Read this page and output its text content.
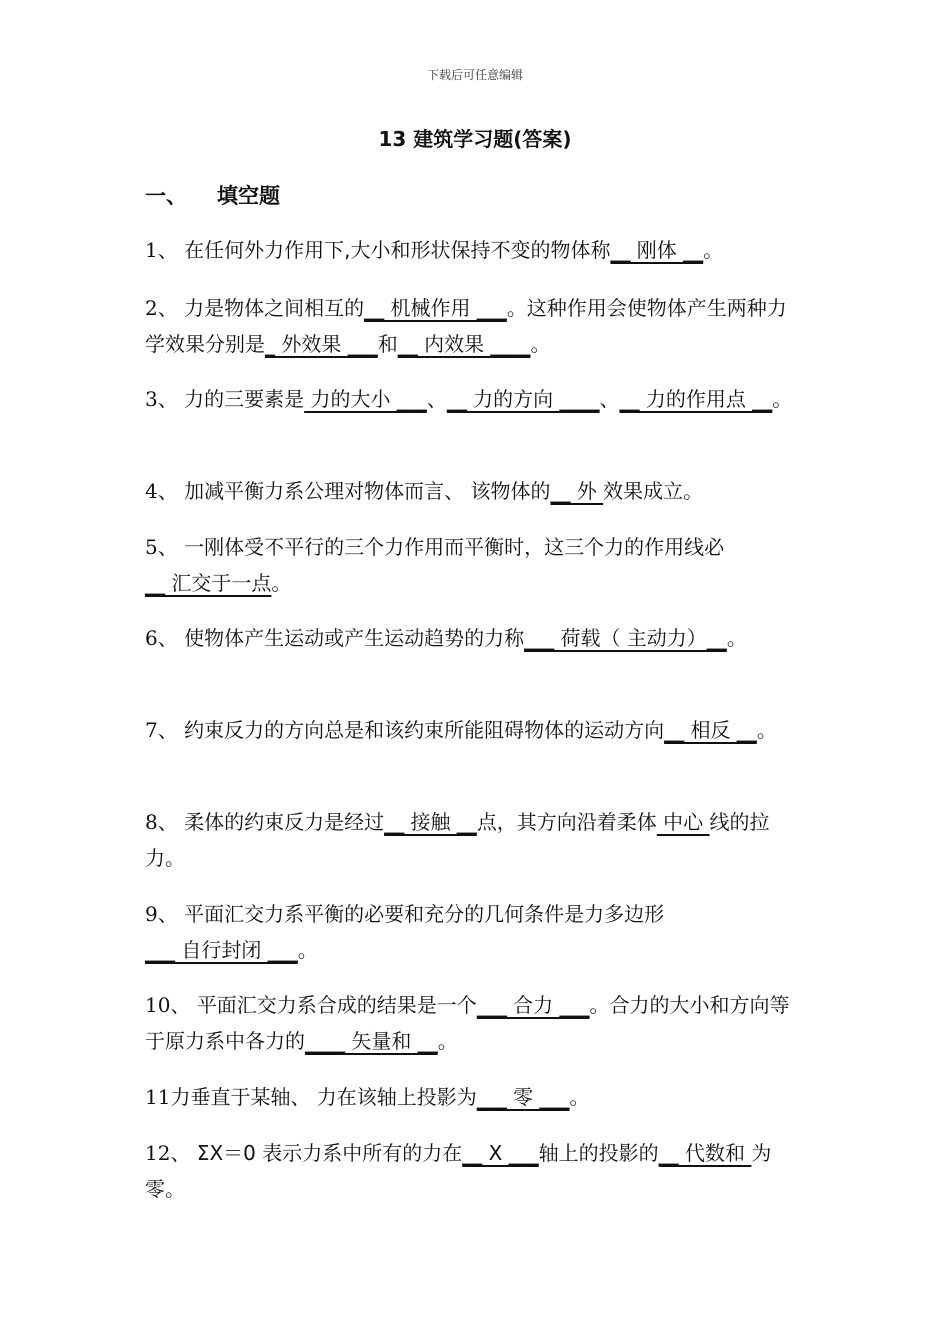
下载后可任意编辑
13 建筑学习题(答案)
一、 填空题
1、 在任何外力作用下,大小和形状保持不变的物体称__ 刚体 __。
2、 力是物体之间相互的__ 机械作用 ___。这种作用会使物体产生两种力学效果分别是_ 外效果 ___和__ 内效果 ____。
3、 力的三要素是 力的大小 ___、__ 力的方向 ____、__ 力的作用点 __。
4、 加减平衡力系公理对物体而言、 该物体的__ 外 效果成立。
5、 一刚体受不平行的三个力作用而平衡时，这三个力的作用线必__ 汇交于一点。
6、 使物体产生运动或产生运动趋势的力称___ 荷载（ 主动力）__。
7、 约束反力的方向总是和该约束所能阻碍物体的运动方向__ 相反 __。
8、 柔体的约束反力是经过__ 接触 __点，其方向沿着柔体 中心 线的拉力。
9、 平面汇交力系平衡的必要和充分的几何条件是力多边形___ 自行封闭 ___。
10、 平面汇交力系合成的结果是一个___ 合力 ___。合力的大小和方向等于原力系中各力的____ 矢量和 __。
11力垂直于某轴、 力在该轴上投影为___ 零 ___。
12、 ΣX＝0 表示力系中所有的力在__ X ___轴上的投影的__ 代数和 为零。
